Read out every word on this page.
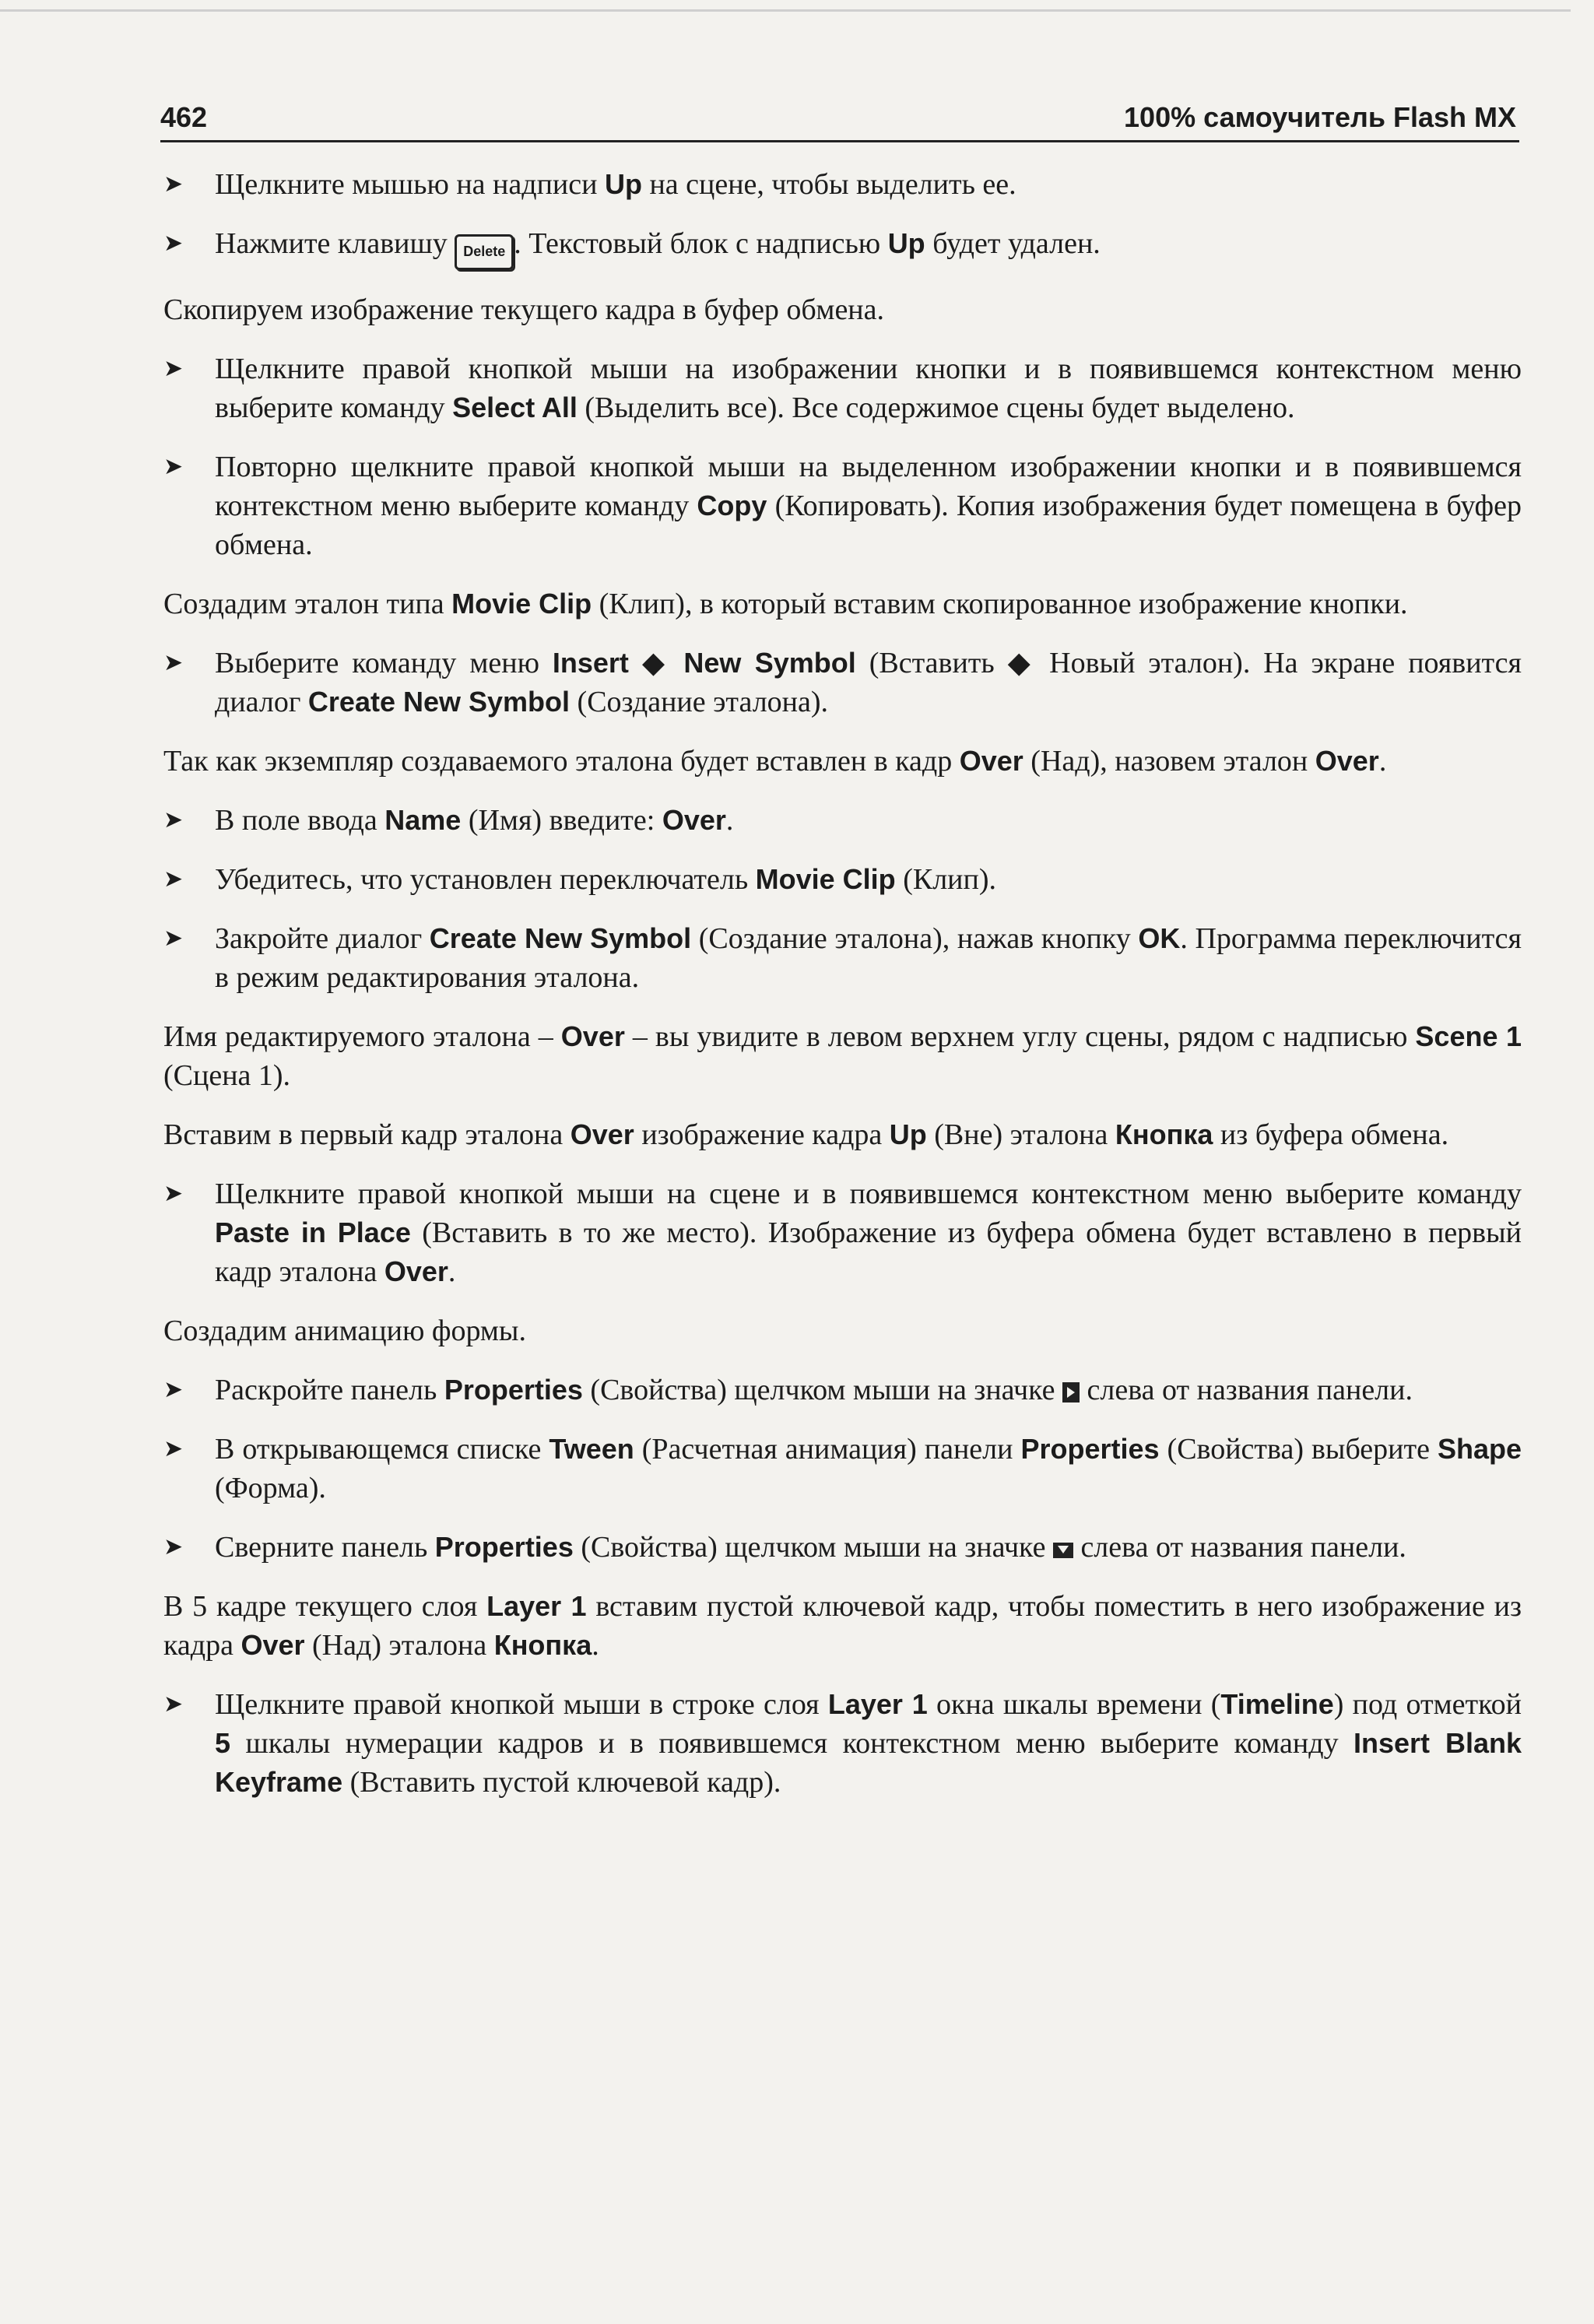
462	100% самоучитель Flash MX
➤ Щелкните мышью на надписи Up на сцене, чтобы выделить ее.
➤ Нажмите клавишу Delete . Текстовый блок с надписью Up будет удален.

Скопируем изображение текущего кадра в буфер обмена.

➤ Щелкните правой кнопкой мыши на изображении кнопки и в появившемся контекстном меню выберите команду Select All (Выделить все). Все содержимое сцены будет выделено.
➤ Повторно щелкните правой кнопкой мыши на выделенном изображении кнопки и в появившемся контекстном меню выберите команду Copy (Копировать). Копия изображения будет помещена в буфер обмена.

Создадим эталон типа Movie Clip (Клип), в который вставим скопированное изображение кнопки.

➤ Выберите команду меню Insert ◆ New Symbol (Вставить ◆ Новый эталон). На экране появится диалог Create New Symbol (Создание эталона).

Так как экземпляр создаваемого эталона будет вставлен в кадр Over (Над), назовем эталон Over.

➤ В поле ввода Name (Имя) введите: Over.
➤ Убедитесь, что установлен переключатель Movie Clip (Клип).
➤ Закройте диалог Create New Symbol (Создание эталона), нажав кнопку OK. Программа переключится в режим редактирования эталона.

Имя редактируемого эталона – Over – вы увидите в левом верхнем углу сцены, рядом с надписью Scene 1 (Сцена 1).

Вставим в первый кадр эталона Over изображение кадра Up (Вне) эталона Кнопка из буфера обмена.

➤ Щелкните правой кнопкой мыши на сцене и в появившемся контекстном меню выберите команду Paste in Place (Вставить в то же место). Изображение из буфера обмена будет вставлено в первый кадр эталона Over.

Создадим анимацию формы.

➤ Раскройте панель Properties (Свойства) щелчком мыши на значке  слева от названия панели.
➤ В открывающемся списке Tween (Расчетная анимация) панели Properties (Свойства) выберите Shape (Форма).
➤ Сверните панель Properties (Свойства) щелчком мыши на значке  слева от названия панели.

В 5 кадре текущего слоя Layer 1 вставим пустой ключевой кадр, чтобы поместить в него изображение из кадра Over (Над) эталона Кнопка.

➤ Щелкните правой кнопкой мыши в строке слоя Layer 1 окна шкалы времени (Timeline) под отметкой 5 шкалы нумерации кадров и в появившемся контекстном меню выберите команду Insert Blank Keyframe (Вставить пустой ключевой кадр).
